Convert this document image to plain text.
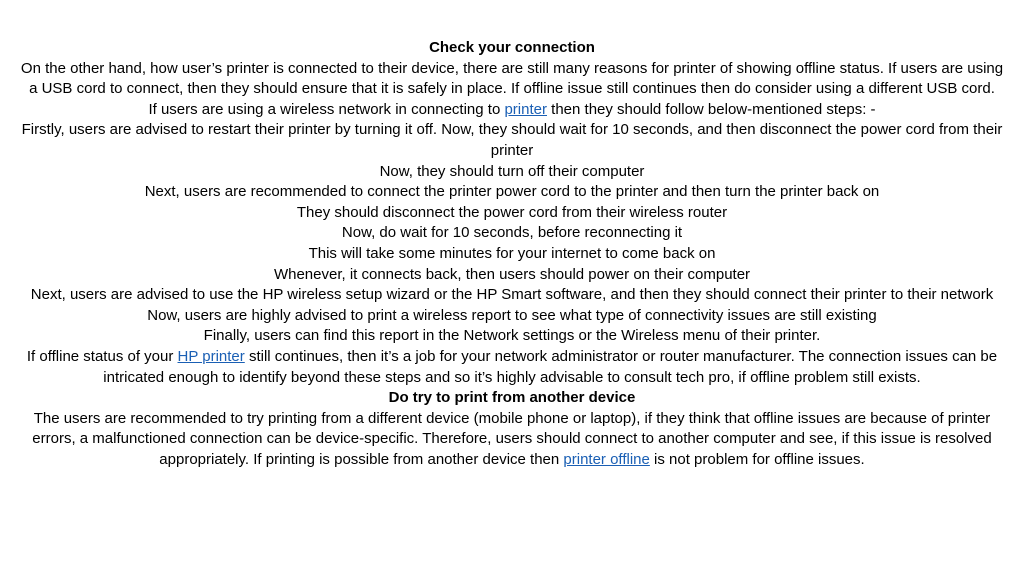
Check your connection

On the other hand, how user’s printer is connected to their device, there are still many reasons for printer of showing offline status. If users are using a USB cord to connect, then they should ensure that it is safely in place. If offline issue still continues then do consider using a different USB cord.

If users are using a wireless network in connecting to printer then they should follow below-mentioned steps: -

Firstly, users are advised to restart their printer by turning it off. Now, they should wait for 10 seconds, and then disconnect the power cord from their printer

Now, they should turn off their computer

Next, users are recommended to connect the printer power cord to the printer and then turn the printer back on

They should disconnect the power cord from their wireless router

Now, do wait for 10 seconds, before reconnecting it

This will take some minutes for your internet to come back on

Whenever, it connects back, then users should power on their computer

Next, users are advised to use the HP wireless setup wizard or the HP Smart software, and then they should connect their printer to their network

Now, users are highly advised to print a wireless report to see what type of connectivity issues are still existing

Finally, users can find this report in the Network settings or the Wireless menu of their printer.

If offline status of your HP printer still continues, then it’s a job for your network administrator or router manufacturer. The connection issues can be intricated enough to identify beyond these steps and so it’s highly advisable to consult tech pro, if offline problem still exists.

Do try to print from another device

The users are recommended to try printing from a different device (mobile phone or laptop), if they think that offline issues are because of printer errors, a malfunctioned connection can be device-specific. Therefore, users should connect to another computer and see, if this issue is resolved appropriately. If printing is possible from another device then printer offline is not problem for offline issues.
